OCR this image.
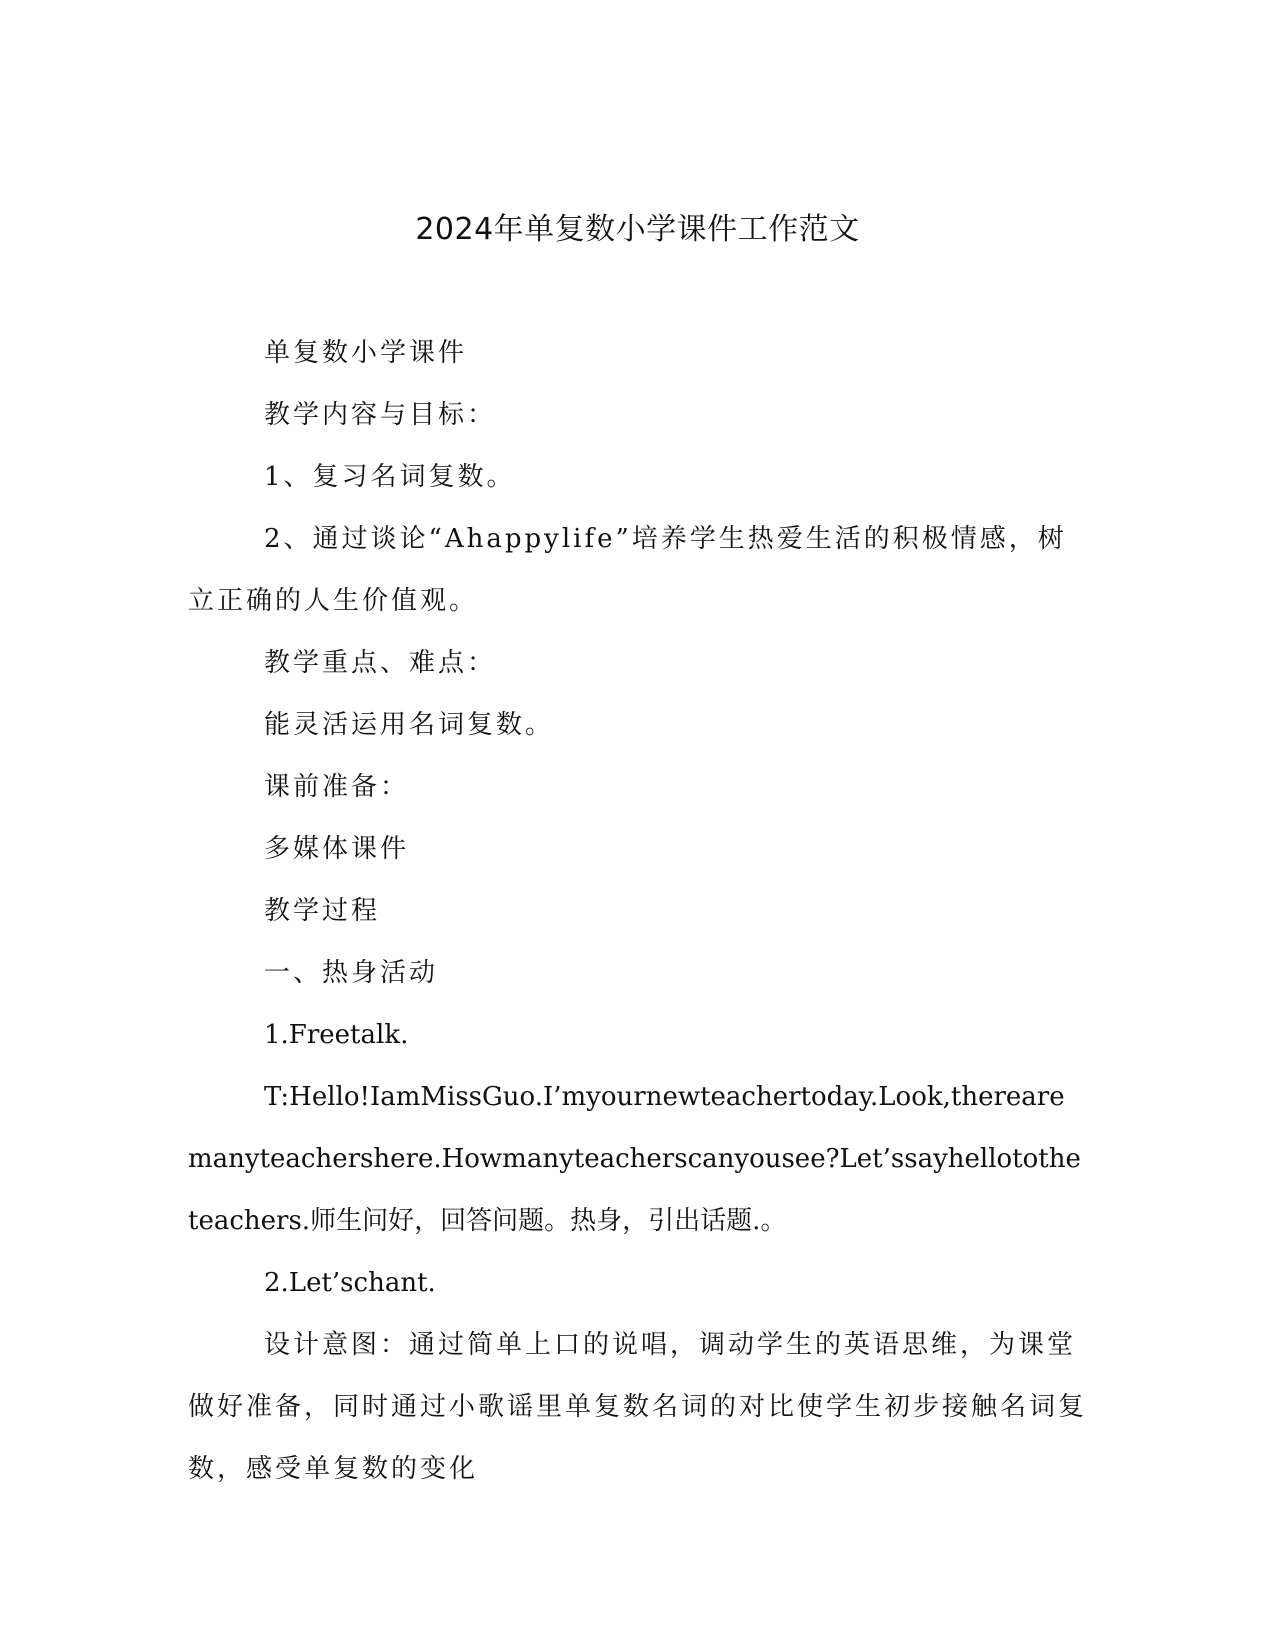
2024年单复数小学课件工作范文

单复数小学课件

教学内容与目标：

1、复习名词复数。

2、通过谈论“Ahappylife”培养学生热爱生活的积极情感，树立正确的人生价值观。

教学重点、难点：

能灵活运用名词复数。

课前准备：

多媒体课件

教学过程

一、热身活动

1.Freetalk.

T:Hello!IamMissGuo.I’myournewteachertoday.Look,therearemanyteachershere.Howmanyteacherscanyousee?Let’ssayhellototheteachers.师生问好，回答问题。热身，引出话题.。

2.Let’schant.

设计意图：通过简单上口的说唱，调动学生的英语思维，为课堂做好准备，同时通过小歌谣里单复数名词的对比使学生初步接触名词复数，感受单复数的变化
